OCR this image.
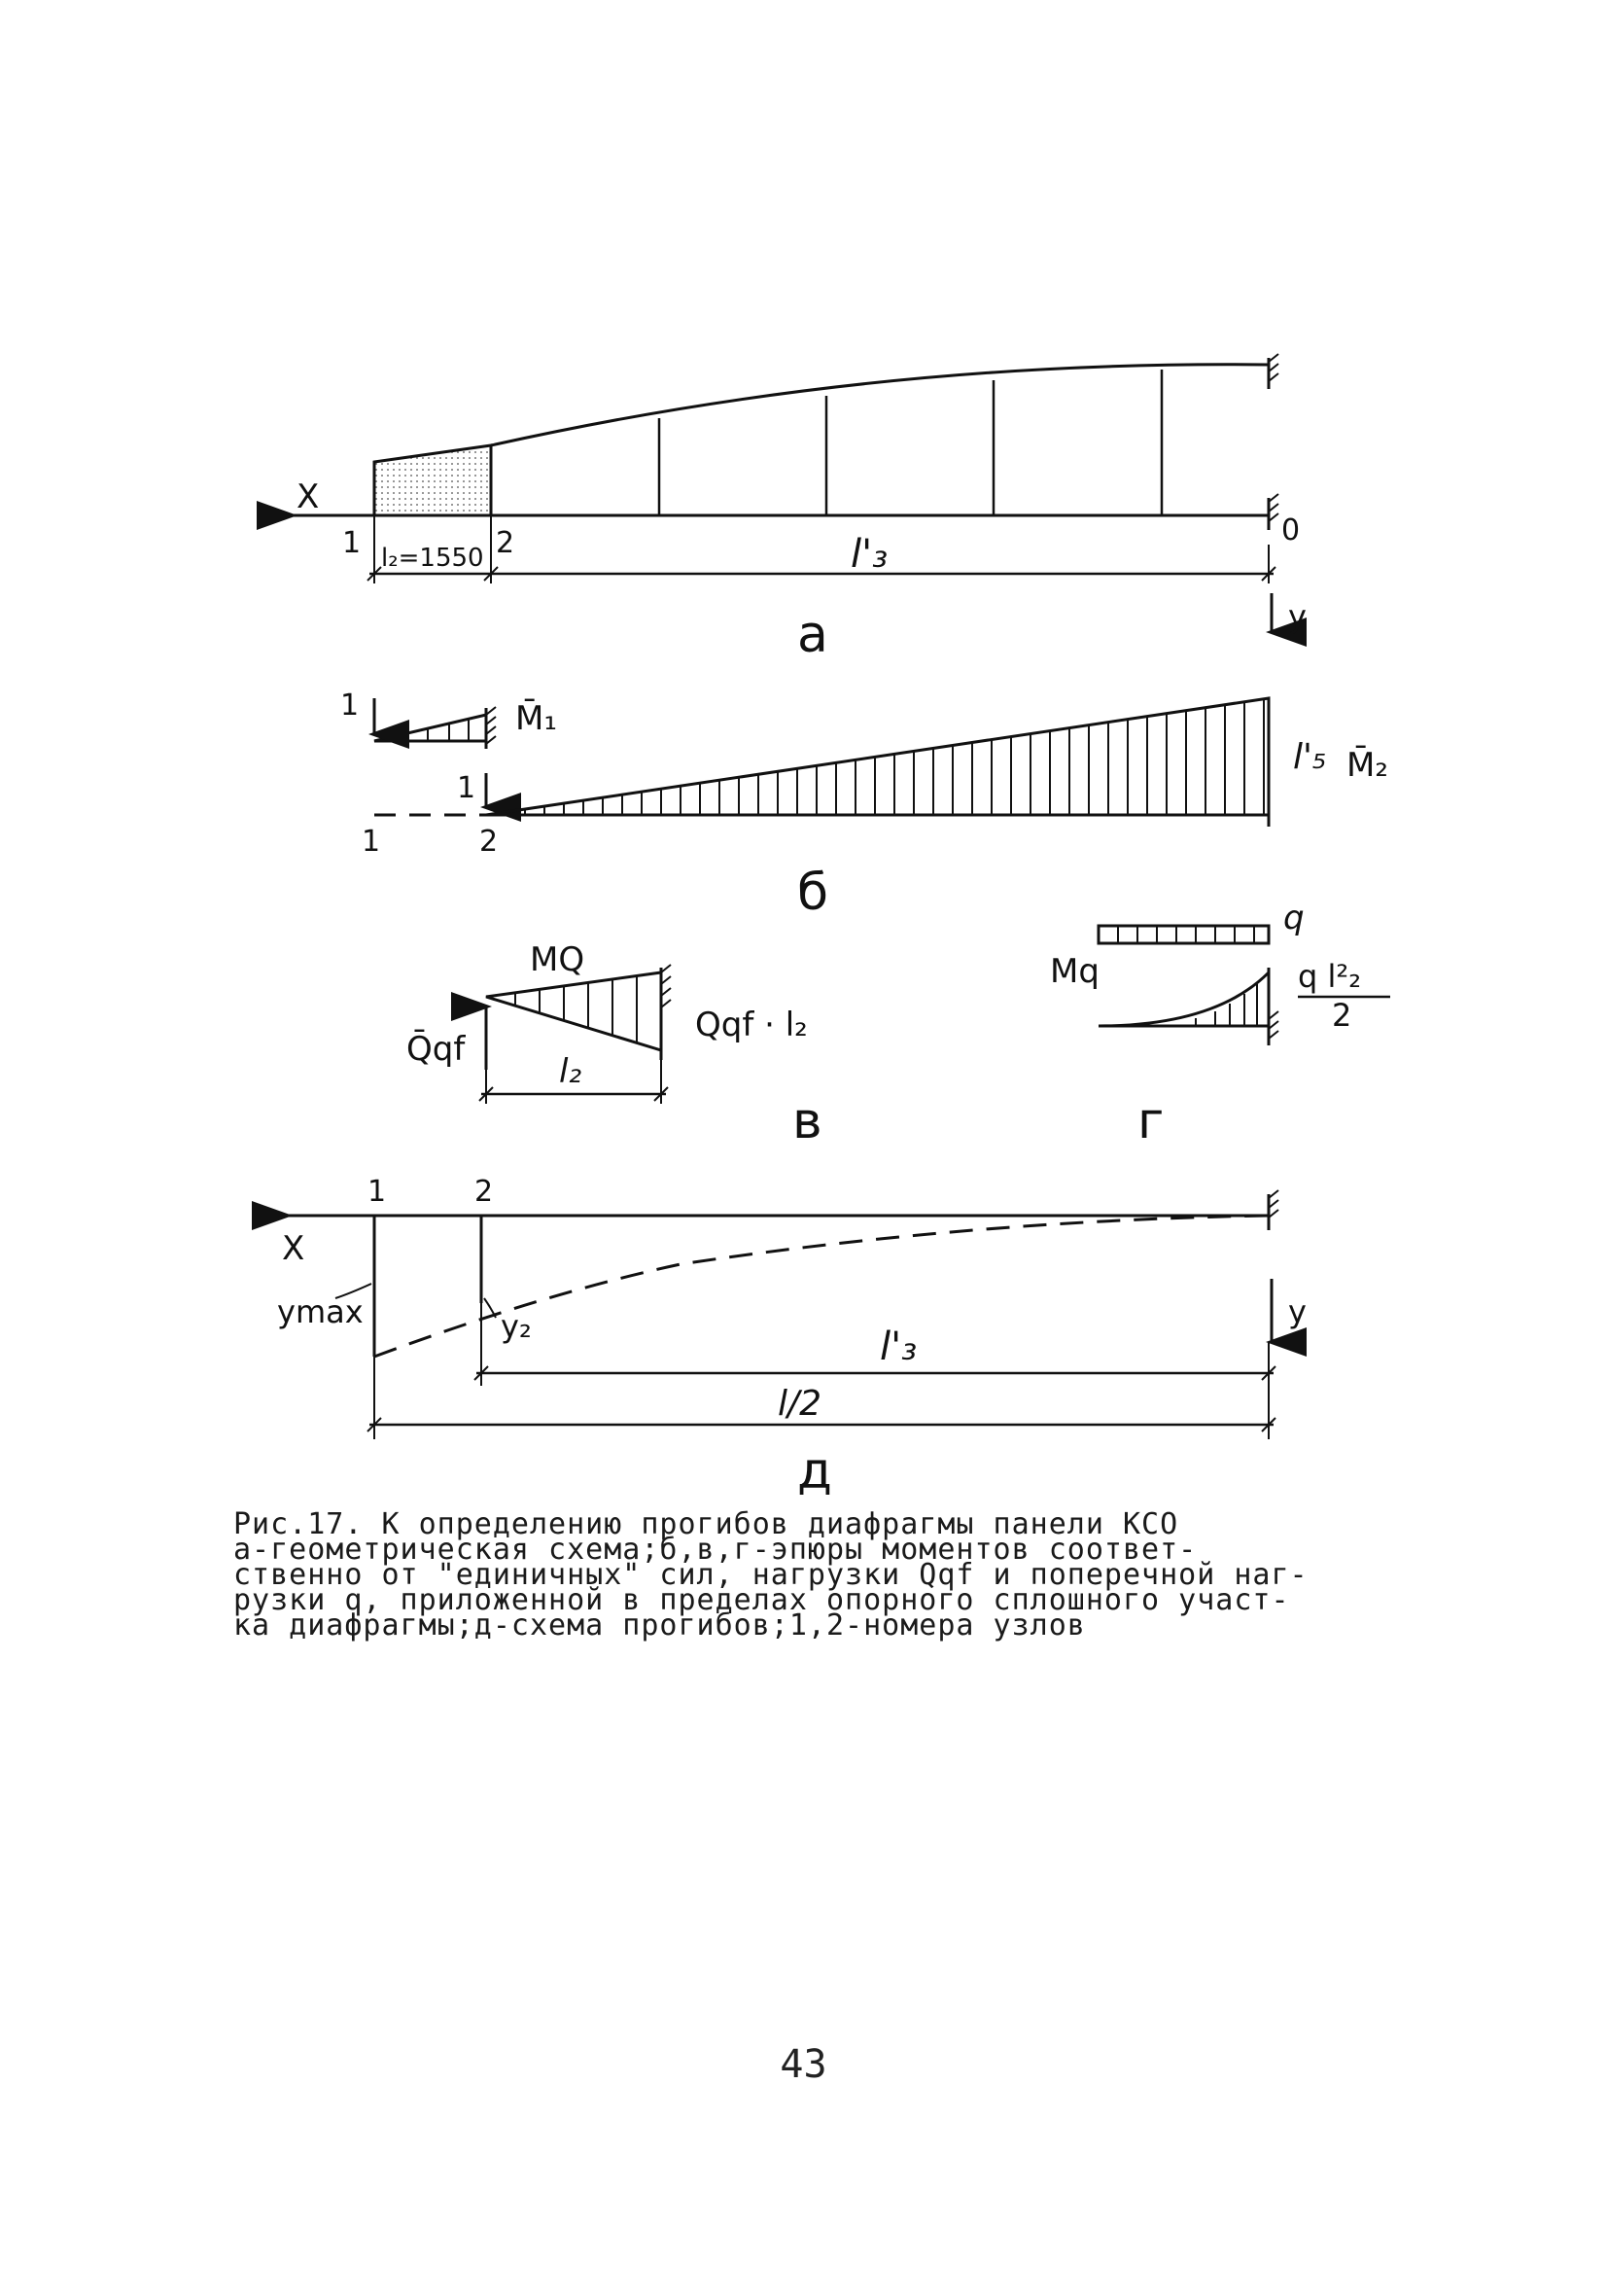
X
1	2	0
l₂=1550	l'₃
у
а
1
1
M̄₁
l'₅ M̄₂
1	2
б
MQ
Q̄qf
Qqf · l₂
l₂
в
Mq
q
q l²₂
2
г
1	2
X
ymax	y₂	l'₃
l/2
у
д
Рис.17. К определению прогибов диафрагмы панели КСО
а-геометрическая схема;б,в,г-эпюры моментов соответ-
ственно от "единичных" сил, нагрузки Qqf и поперечной наг-
рузки q, приложенной в пределах опорного сплошного участ-
ка диафрагмы;д-схема прогибов;1,2-номера узлов
43
